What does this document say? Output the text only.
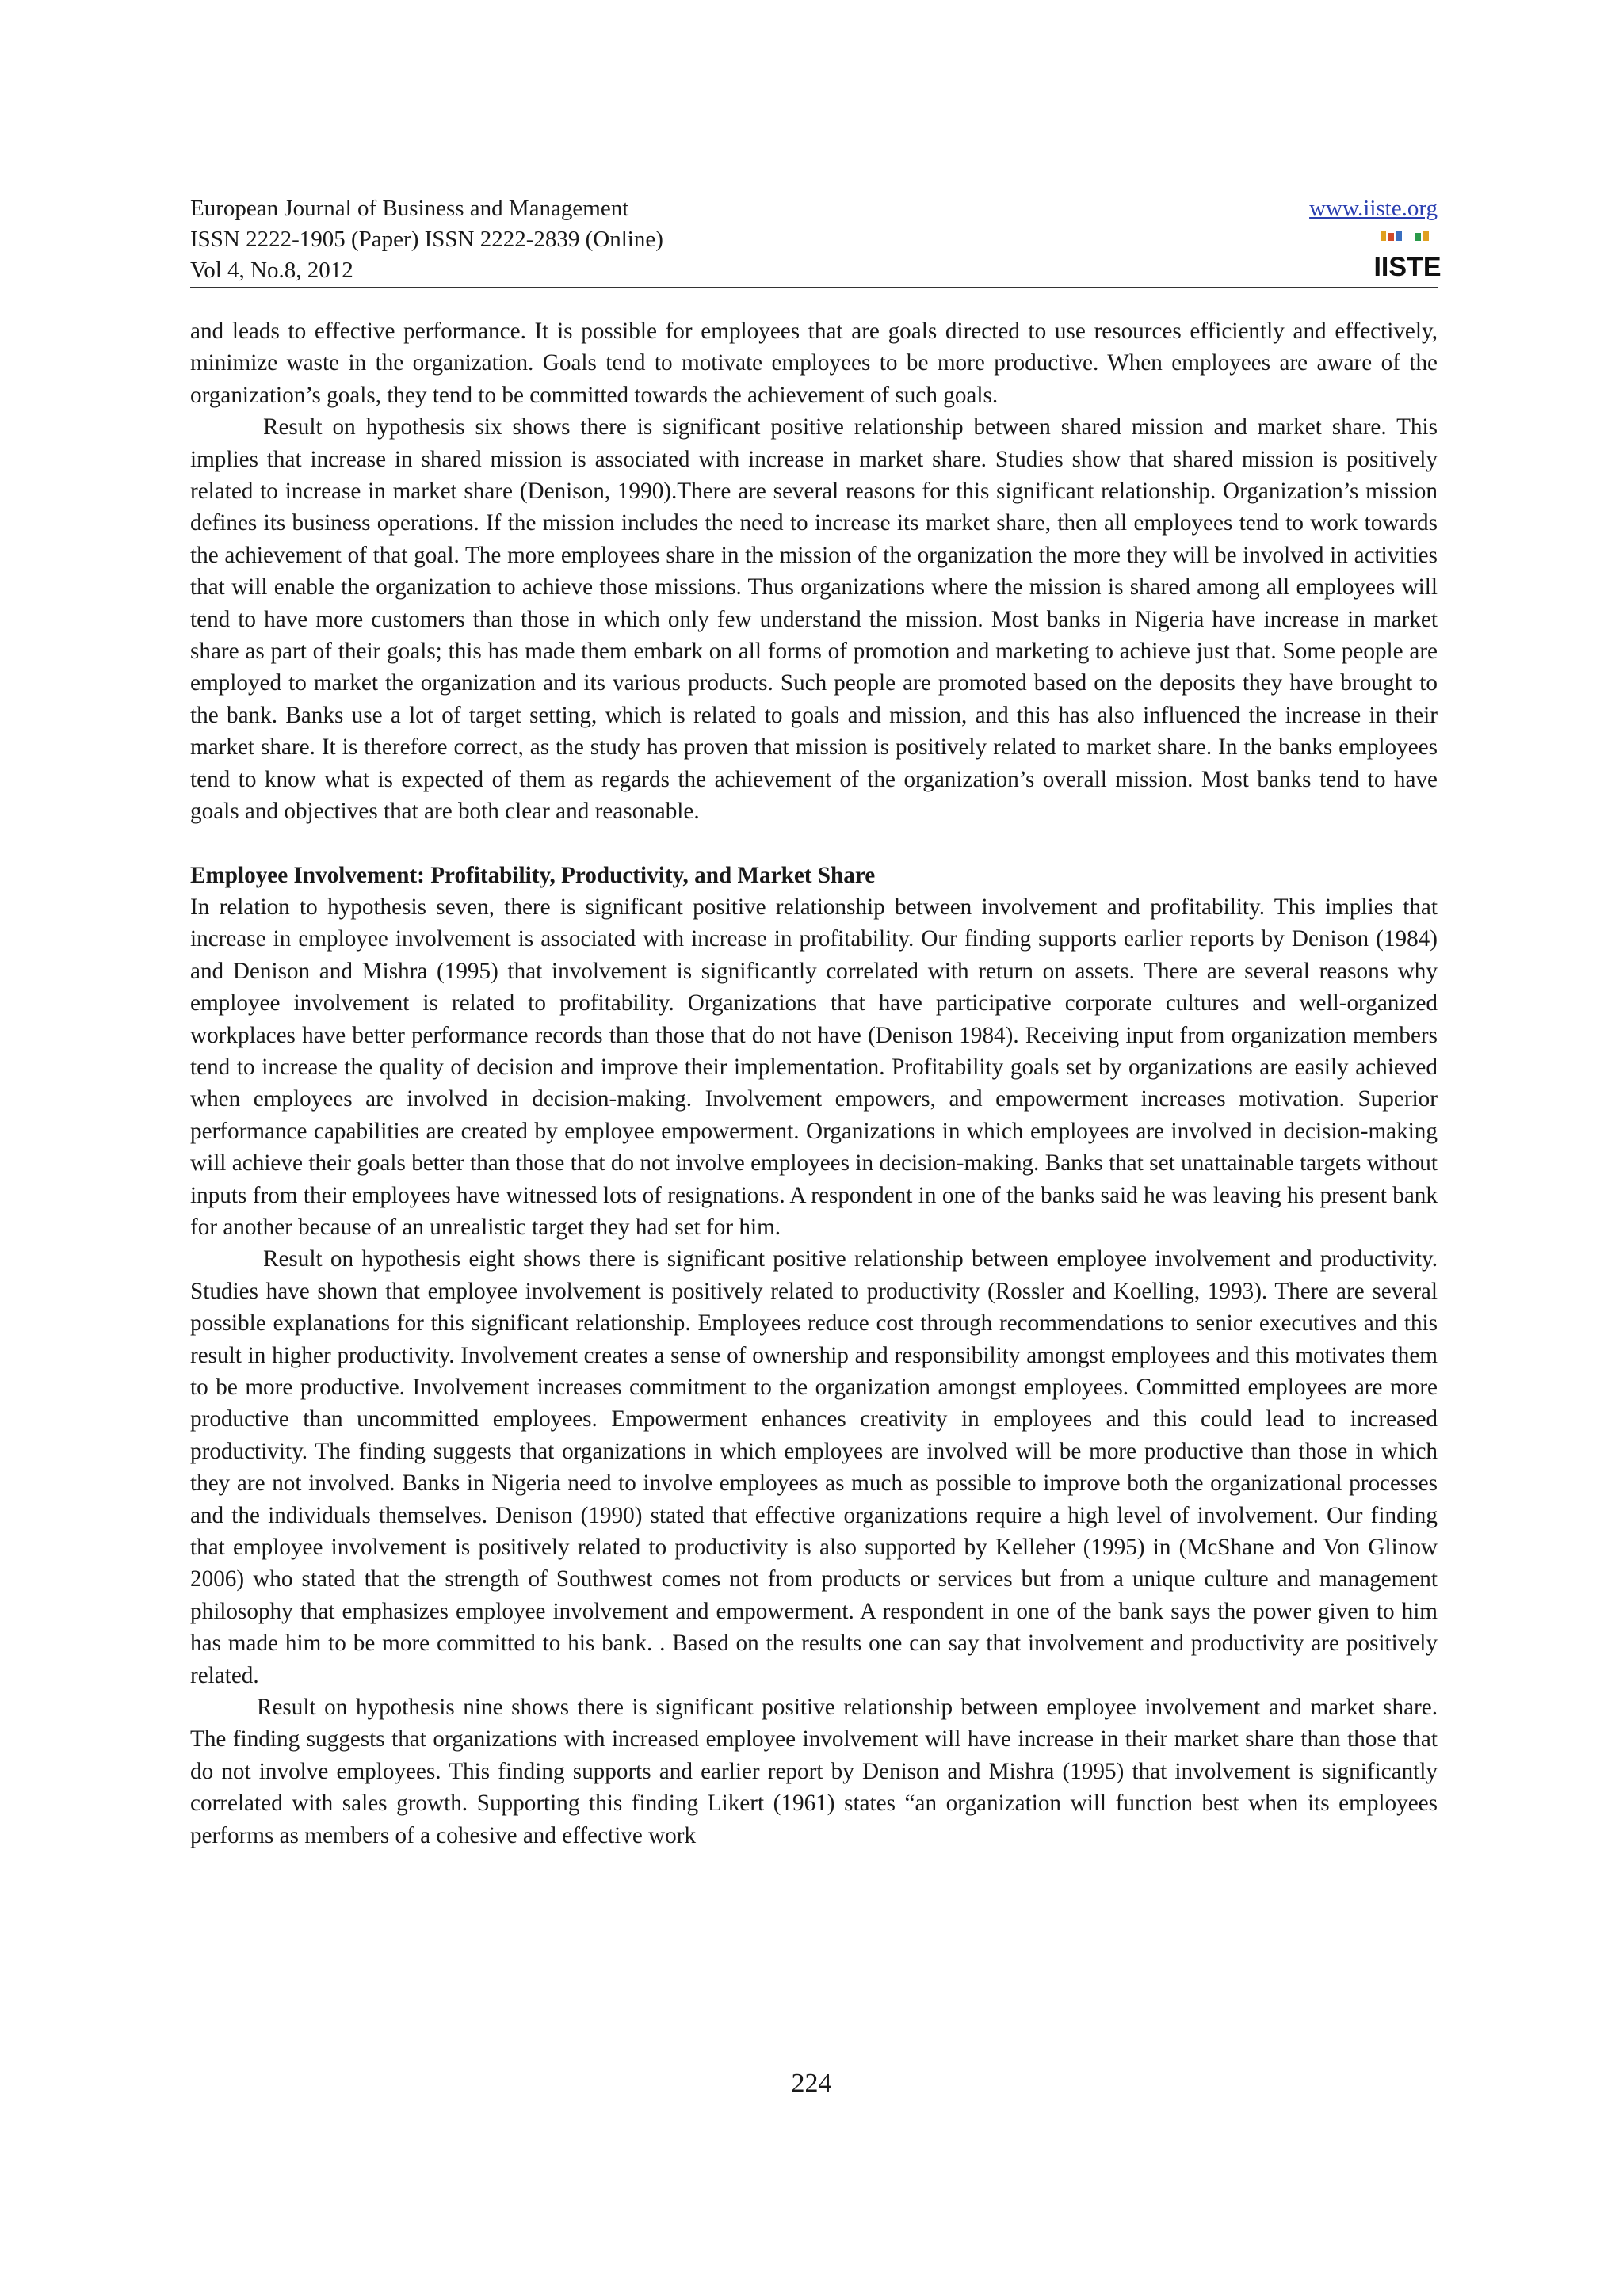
European Journal of Business and Management
ISSN 2222-1905 (Paper) ISSN 2222-2839 (Online)
Vol 4, No.8, 2012
www.iiste.org
IISTE

and leads to effective performance. It is possible for employees that are goals directed to use resources efficiently and effectively, minimize waste in the organization. Goals tend to motivate employees to be more productive. When employees are aware of the organization’s goals, they tend to be committed towards the achievement of such goals.

Result on hypothesis six shows there is significant positive relationship between shared mission and market share. This implies that increase in shared mission is associated with increase in market share. Studies show that shared mission is positively related to increase in market share (Denison, 1990).There are several reasons for this significant relationship. Organization’s mission defines its business operations. If the mission includes the need to increase its market share, then all employees tend to work towards the achievement of that goal. The more employees share in the mission of the organization the more they will be involved in activities that will enable the organization to achieve those missions. Thus organizations where the mission is shared among all employees will tend to have more customers than those in which only few understand the mission. Most banks in Nigeria have increase in market share as part of their goals; this has made them embark on all forms of promotion and marketing to achieve just that. Some people are employed to market the organization and its various products. Such people are promoted based on the deposits they have brought to the bank. Banks use a lot of target setting, which is related to goals and mission, and this has also influenced the increase in their market share. It is therefore correct, as the study has proven that mission is positively related to market share. In the banks employees tend to know what is expected of them as regards the achievement of the organization’s overall mission. Most banks tend to have goals and objectives that are both clear and reasonable.

Employee Involvement: Profitability, Productivity, and Market Share

In relation to hypothesis seven, there is significant positive relationship between involvement and profitability. This implies that increase in employee involvement is associated with increase in profitability. Our finding supports earlier reports by Denison (1984) and Denison and Mishra (1995) that involvement is significantly correlated with return on assets. There are several reasons why employee involvement is related to profitability. Organizations that have participative corporate cultures and well-organized workplaces have better performance records than those that do not have (Denison 1984). Receiving input from organization members tend to increase the quality of decision and improve their implementation. Profitability goals set by organizations are easily achieved when employees are involved in decision-making. Involvement empowers, and empowerment increases motivation. Superior performance capabilities are created by employee empowerment. Organizations in which employees are involved in decision-making will achieve their goals better than those that do not involve employees in decision-making. Banks that set unattainable targets without inputs from their employees have witnessed lots of resignations. A respondent in one of the banks said he was leaving his present bank for another because of an unrealistic target they had set for him.

Result on hypothesis eight shows there is significant positive relationship between employee involvement and productivity. Studies have shown that employee involvement is positively related to productivity (Rossler and Koelling, 1993). There are several possible explanations for this significant relationship. Employees reduce cost through recommendations to senior executives and this result in higher productivity. Involvement creates a sense of ownership and responsibility amongst employees and this motivates them to be more productive. Involvement increases commitment to the organization amongst employees. Committed employees are more productive than uncommitted employees. Empowerment enhances creativity in employees and this could lead to increased productivity. The finding suggests that organizations in which employees are involved will be more productive than those in which they are not involved. Banks in Nigeria need to involve employees as much as possible to improve both the organizational processes and the individuals themselves. Denison (1990) stated that effective organizations require a high level of involvement. Our finding that employee involvement is positively related to productivity is also supported by Kelleher (1995) in (McShane and Von Glinow 2006) who stated that the strength of Southwest comes not from products or services but from a unique culture and management philosophy that emphasizes employee involvement and empowerment. A respondent in one of the bank says the power given to him has made him to be more committed to his bank. . Based on the results one can say that involvement and productivity are positively related.

Result on hypothesis nine shows there is significant positive relationship between employee involvement and market share. The finding suggests that organizations with increased employee involvement will have increase in their market share than those that do not involve employees. This finding supports and earlier report by Denison and Mishra (1995) that involvement is significantly correlated with sales growth. Supporting this finding Likert (1961) states “an organization will function best when its employees performs as members of a cohesive and effective work

224
